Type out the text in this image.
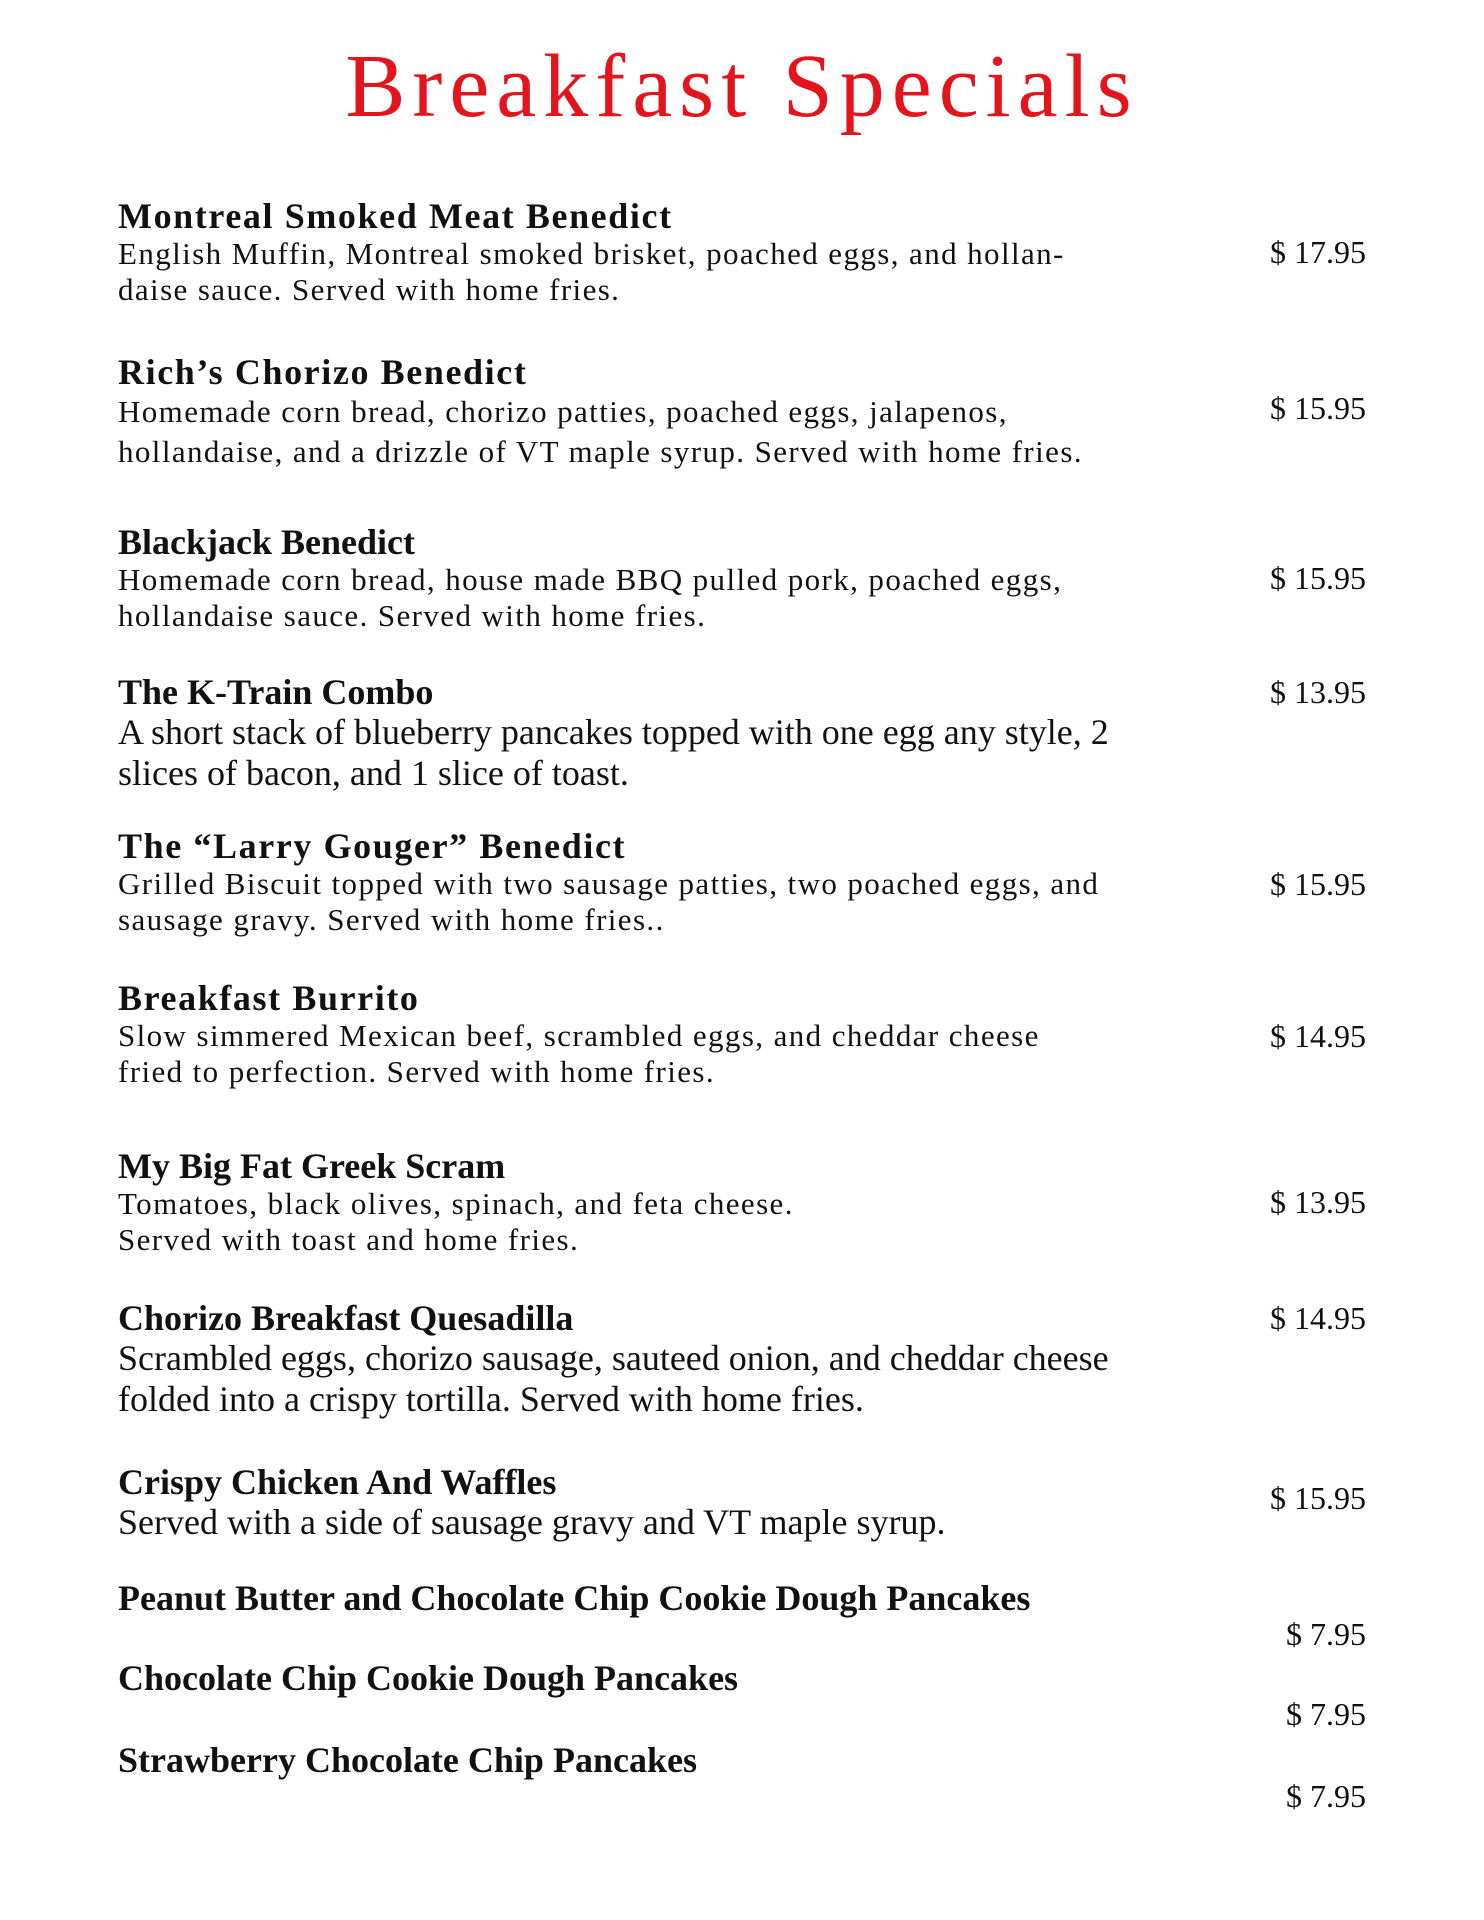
Breakfast Specials
Montreal Smoked Meat Benedict
English Muffin, Montreal smoked brisket, poached eggs, and hollan-
daise sauce. Served with home fries.
$ 17.95
Rich’s Chorizo Benedict
Homemade corn bread, chorizo patties, poached eggs, jalapenos,
hollandaise, and a drizzle of VT maple syrup. Served with home fries.
$ 15.95
Blackjack Benedict
Homemade corn bread, house made BBQ pulled pork, poached eggs,
hollandaise sauce. Served with home fries.
$ 15.95
The K-Train Combo
A short stack of blueberry pancakes topped with one egg any style, 2
slices of bacon, and 1 slice of toast.
$ 13.95
The “Larry Gouger” Benedict
Grilled Biscuit topped with two sausage patties, two poached eggs, and
sausage gravy. Served with home fries..
$ 15.95
Breakfast Burrito
Slow simmered Mexican beef, scrambled eggs, and cheddar cheese
fried to perfection. Served with home fries.
$ 14.95
My Big Fat Greek Scram
Tomatoes, black olives, spinach, and feta cheese.
Served with toast and home fries.
$ 13.95
Chorizo Breakfast Quesadilla
Scrambled eggs, chorizo sausage, sauteed onion, and cheddar cheese
folded into a crispy tortilla. Served with home fries.
$ 14.95
Crispy Chicken And Waffles
Served with a side of sausage gravy and VT maple syrup.
$ 15.95
Peanut Butter and Chocolate Chip Cookie Dough Pancakes
$ 7.95
Chocolate Chip Cookie Dough Pancakes
$ 7.95
Strawberry Chocolate Chip Pancakes
$ 7.95
